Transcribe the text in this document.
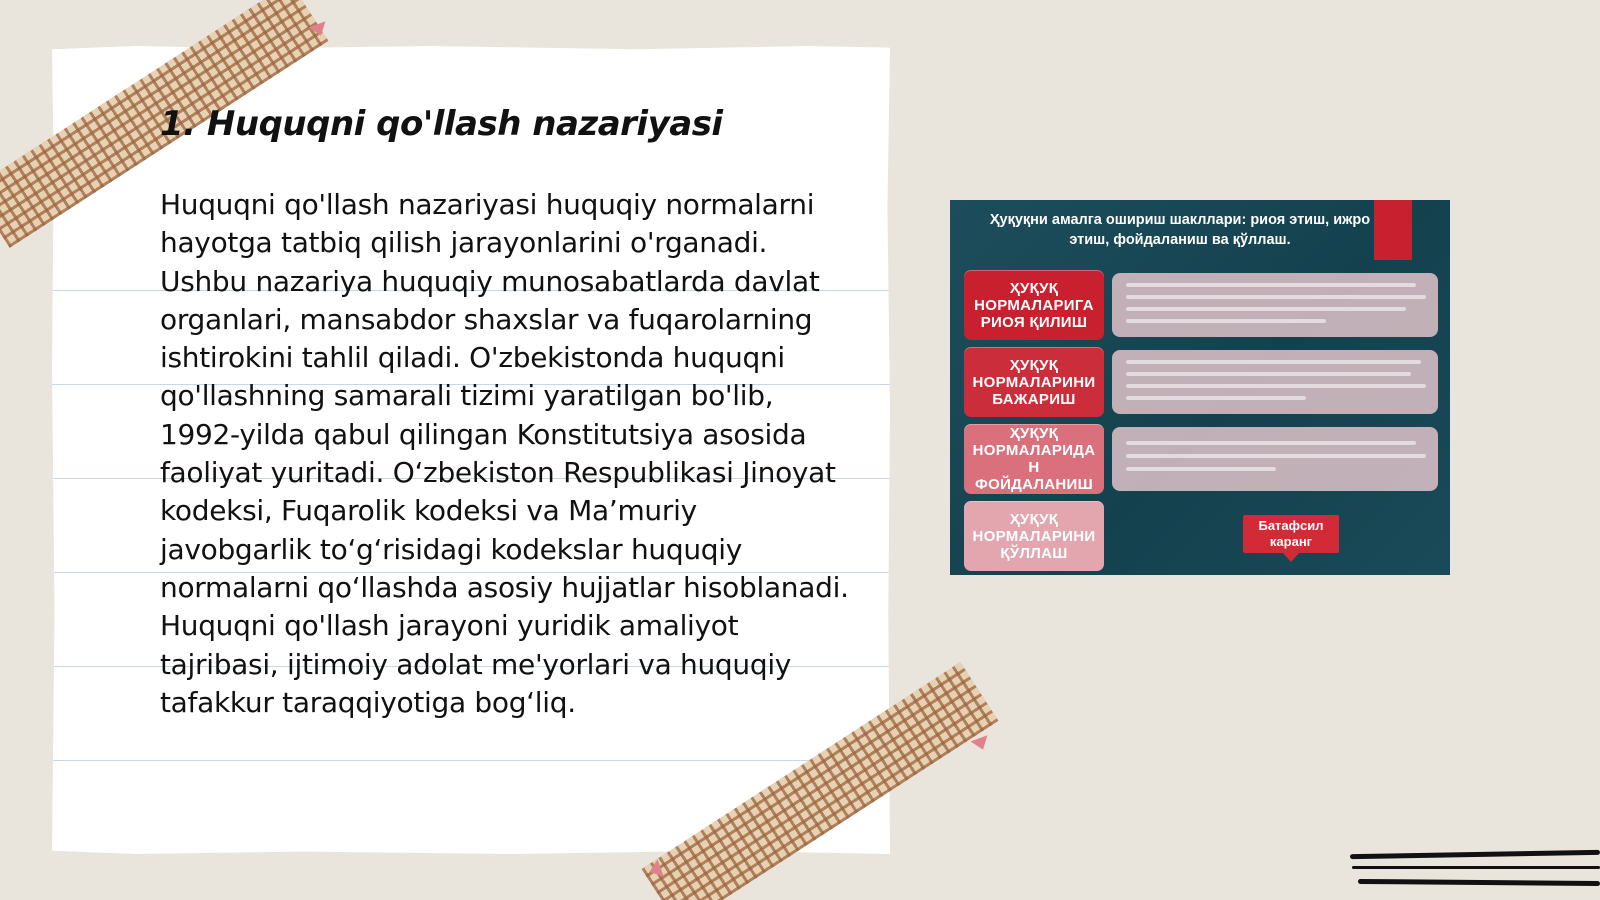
1. Huquqni qo'llash nazariyasi

Huquqni qo'llash nazariyasi huquqiy normalarni hayotga tatbiq qilish jarayonlarini o'rganadi. Ushbu nazariya huquqiy munosabatlarda davlat organlari, mansabdor shaxslar va fuqarolarning ishtirokini tahlil qiladi. O'zbekistonda huquqni qo'llashning samarali tizimi yaratilgan bo'lib, 1992-yilda qabul qilingan Konstitutsiya asosida faoliyat yuritadi. O‘zbekiston Respublikasi Jinoyat kodeksi, Fuqarolik kodeksi va Ma’muriy javobgarlik to‘g‘risidagi kodekslar huquqiy normalarni qo‘llashda asosiy hujjatlar hisoblanadi. Huquqni qo'llash jarayoni yuridik amaliyot tajribasi, ijtimoiy adolat me'yorlari va huquqiy tafakkur taraqqiyotiga bog‘liq.

Ҳуқуқни амалга ошириш шакллари: риоя этиш, ижро этиш, фойдаланиш ва қўллаш.
ҲУҚУҚ
НОРМАЛАРИГА
РИОЯ ҚИЛИШ
ҲУҚУҚ
НОРМАЛАРИНИ
БАЖАРИШ
ҲУҚУҚ
НОРМАЛАРИДА
Н
ФОЙДАЛАНИШ
ҲУҚУҚ
НОРМАЛАРИНИ
ҚЎЛЛАШ
Батафсил
каранг
